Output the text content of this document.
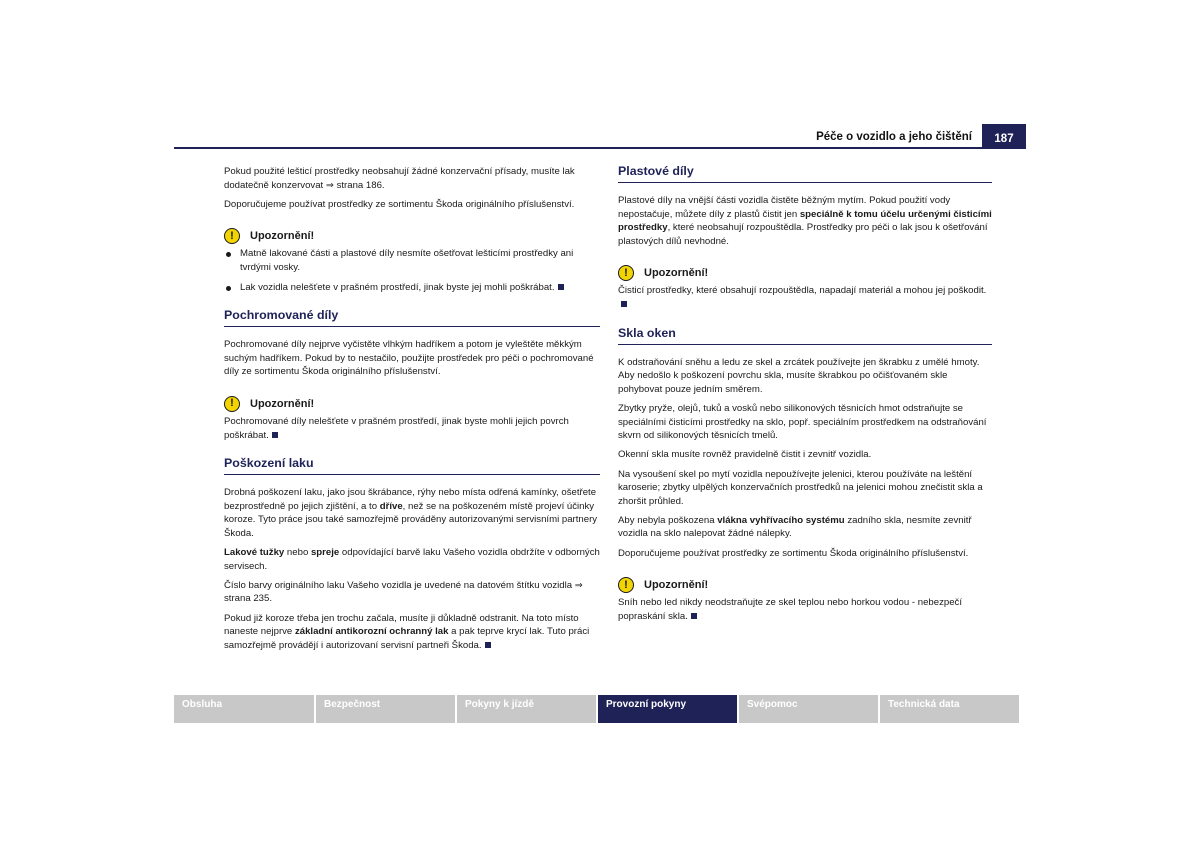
Péče o vozidlo a jeho čištění	187

Pokud použité lešticí prostředky neobsahují žádné konzervační přísady, musíte lak dodatečně konzervovat ⇒ strana 186.

Doporučujeme používat prostředky ze sortimentu Škoda originálního příslušenství.

!	Upozornění!

Matně lakované části a plastové díly nesmíte ošetřovat lešticími prostředky ani tvrdými vosky.

Lak vozidla nelešťete v prašném prostředí, jinak byste jej mohli poškrábat.

Pochromované díly

Pochromované díly nejprve vyčistěte vlhkým hadříkem a potom je vyleštěte měkkým suchým hadříkem. Pokud by to nestačilo, použijte prostředek pro péči o pochromované díly ze sortimentu Škoda originálního příslušenství.

!	Upozornění!

Pochromované díly nelešťete v prašném prostředí, jinak byste mohli jejich povrch poškrábat.

Poškození laku

Drobná poškození laku, jako jsou škrábance, rýhy nebo místa odřená kamínky, ošetřete bezprostředně po jejich zjištění, a to dříve, než se na poškozeném místě projeví účinky koroze. Tyto práce jsou také samozřejmě prováděny autorizovanými servisními partnery Škoda.

Lakové tužky nebo spreje odpovídající barvě laku Vašeho vozidla obdržíte v odborných servisech.

Číslo barvy originálního laku Vašeho vozidla je uvedené na datovém štítku vozidla ⇒ strana 235.

Pokud již koroze třeba jen trochu začala, musíte ji důkladně odstranit. Na toto místo naneste nejprve základní antikorozní ochranný lak a pak teprve krycí lak. Tuto práci samozřejmě provádějí i autorizovaní servisní partneři Škoda.

Plastové díly

Plastové díly na vnější části vozidla čistěte běžným mytím. Pokud použití vody nepostačuje, můžete díly z plastů čistit jen speciálně k tomu účelu určenými čisticími prostředky, které neobsahují rozpouštědla. Prostředky pro péči o lak jsou k ošetřování plastových dílů nevhodné.

!	Upozornění!

Čisticí prostředky, které obsahují rozpouštědla, napadají materiál a mohou jej poškodit.

Skla oken

K odstraňování sněhu a ledu ze skel a zrcátek používejte jen škrabku z umělé hmoty. Aby nedošlo k poškození povrchu skla, musíte škrabkou po očišťovaném skle pohybovat pouze jedním směrem.

Zbytky pryže, olejů, tuků a vosků nebo silikonových těsnicích hmot odstraňujte se speciálními čisticími prostředky na sklo, popř. speciálním prostředkem na odstraňování skvrn od silikonových těsnicích tmelů.

Okenní skla musíte rovněž pravidelně čistit i zevnitř vozidla.

Na vysoušení skel po mytí vozidla nepoužívejte jelenici, kterou používáte na leštění karoserie; zbytky ulpělých konzervačních prostředků na jelenici mohou znečistit skla a zhoršit průhled.

Aby nebyla poškozena vlákna vyhřívacího systému zadního skla, nesmíte zevnitř vozidla na sklo nalepovat žádné nálepky.

Doporučujeme používat prostředky ze sortimentu Škoda originálního příslušenství.

!	Upozornění!

Sníh nebo led nikdy neodstraňujte ze skel teplou nebo horkou vodou - nebezpečí popraskání skla.

Obsluha	Bezpečnost	Pokyny k jízdě	Provozní pokyny	Svépomoc	Technická data
